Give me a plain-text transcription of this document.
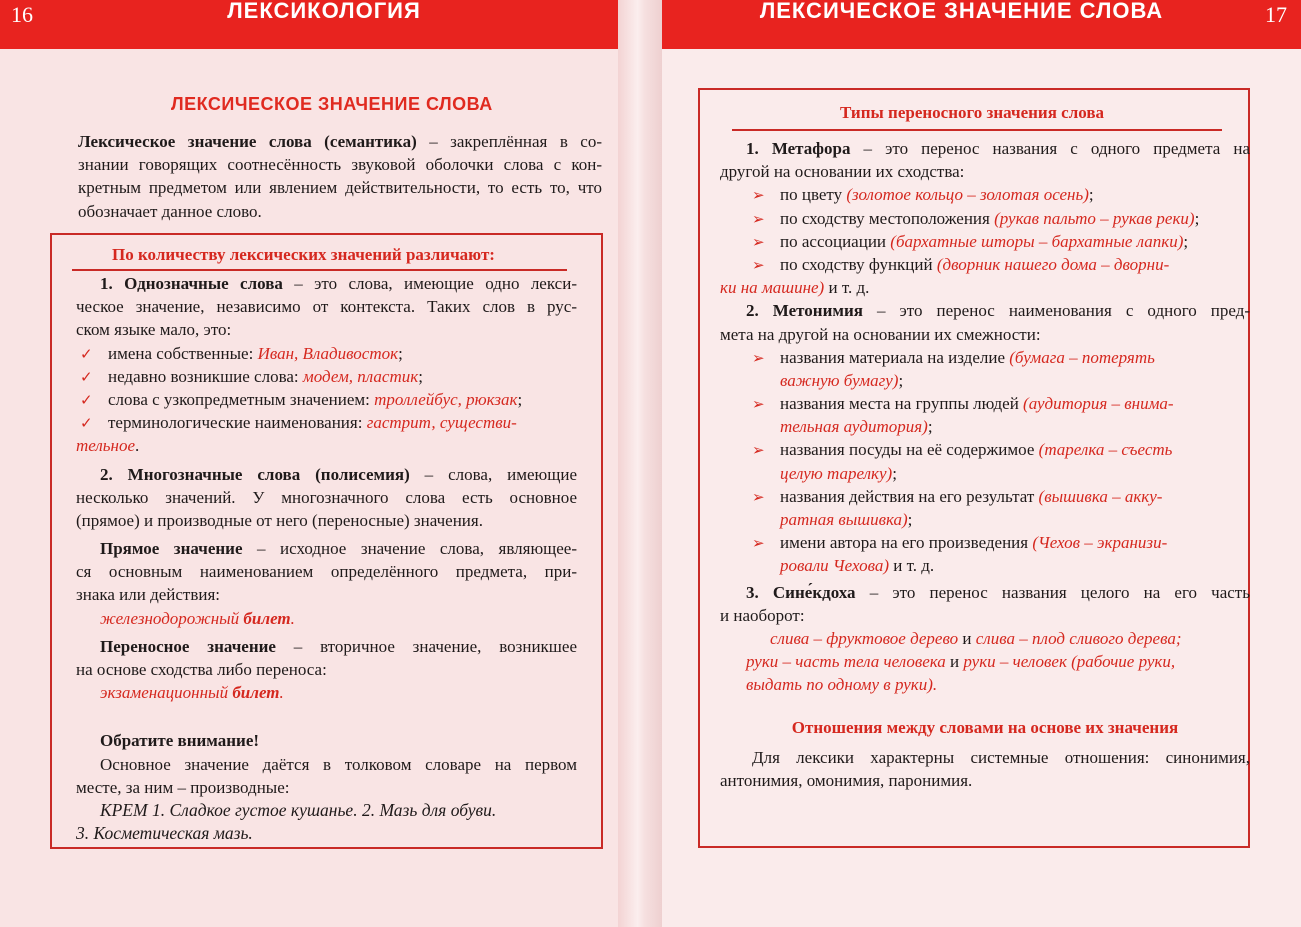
16	ЛЕКСИКОЛОГИЯ
ЛЕКСИЧЕСКОЕ ЗНАЧЕНИЕ СЛОВА
Лексическое значение слова (семантика) – закреплённая в со-
знании говорящих соотнесённость звуковой оболочки слова с кон-
кретным предметом или явлением действительности, то есть то, что
обозначает данное слово.
По количеству лексических значений различают:
1. Однозначные слова – это слова, имеющие одно лекси-
ческое значение, независимо от контекста. Таких слов в рус-
ском языке мало, это:
✓ имена собственные: Иван, Владивосток;
✓ недавно возникшие слова: модем, пластик;
✓ слова с узкопредметным значением: троллейбус, рюкзак;
✓ терминологические наименования: гастрит, существи-
тельное.
2. Многозначные слова (полисемия) – слова, имеющие
несколько значений. У многозначного слова есть основное
(прямое) и производные от него (переносные) значения.
Прямое значение – исходное значение слова, являющее-
ся основным наименованием определённого предмета, при-
знака или действия:
железнодорожный билет.
Переносное значение – вторичное значение, возникшее
на основе сходства либо переноса:
экзаменационный билет.
Обратите внимание!
Основное значение даётся в толковом словаре на первом
месте, за ним – производные:
КРЕМ 1. Сладкое густое кушанье. 2. Мазь для обуви.
3. Косметическая мазь.
ЛЕКСИЧЕСКОЕ ЗНАЧЕНИЕ СЛОВА	17
Типы переносного значения слова
1. Метафора – это перенос названия с одного предмета на
другой на основании их сходства:
➢ по цвету (золотое кольцо – золотая осень);
➢ по сходству местоположения (рукав пальто – рукав реки);
➢ по ассоциации (бархатные шторы – бархатные лапки);
➢ по сходству функций (дворник нашего дома – дворни-
ки на машине) и т. д.
2. Метонимия – это перенос наименования с одного пред-
мета на другой на основании их смежности:
➢ названия материала на изделие (бумага – потерять
важную бумагу);
➢ названия места на группы людей (аудитория – внима-
тельная аудитория);
➢ названия посуды на её содержимое (тарелка – съесть
целую тарелку);
➢ названия действия на его результат (вышивка – акку-
ратная вышивка);
➢ имени автора на его произведения (Чехов – экранизи-
ровали Чехова) и т. д.
3. Сине́кдоха – это перенос названия целого на его часть
и наоборот:
слива – фруктовое дерево и слива – плод сливого дерева;
руки – часть тела человека и руки – человек (рабочие руки,
выдать по одному в руки).
Отношения между словами на основе их значения
Для лексики характерны системные отношения: синонимия,
антонимия, омонимия, паронимия.
